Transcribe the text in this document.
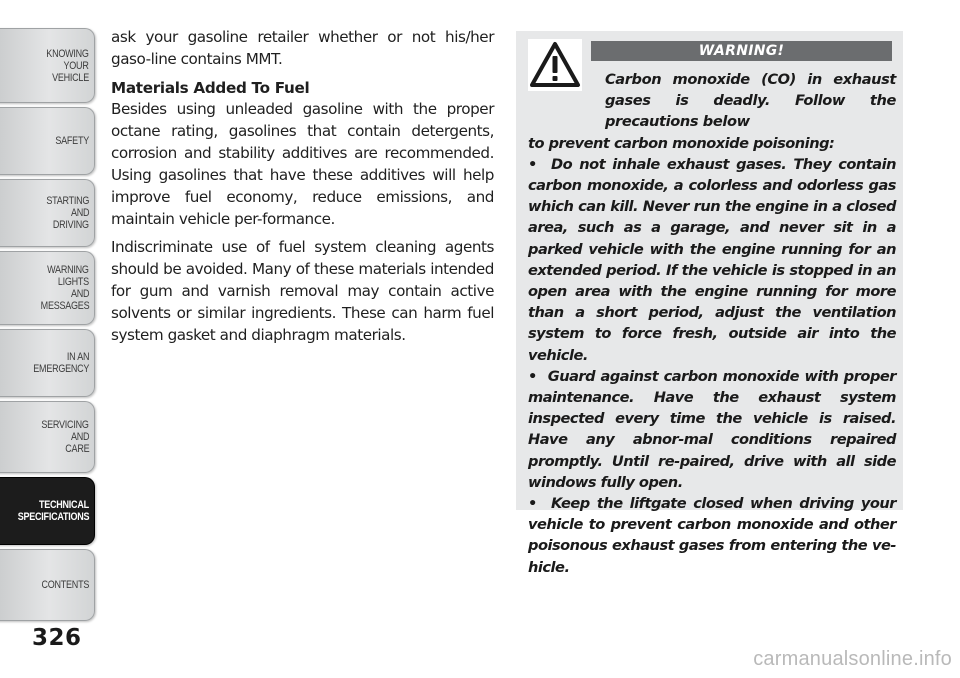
KNOWING
YOUR
VEHICLE
SAFETY
STARTING
AND
DRIVING
WARNING
LIGHTS
AND
MESSAGES
IN AN
EMERGENCY
SERVICING
AND
CARE
TECHNICAL
SPECIFICATIONS
CONTENTS
326

ask your gasoline retailer whether or not his/her gaso-line contains MMT.

Materials Added To Fuel

Besides using unleaded gasoline with the proper octane rating, gasolines that contain detergents, corrosion and stability additives are recommended. Using gasolines that have these additives will help improve fuel economy, reduce emissions, and maintain vehicle per-formance.

Indiscriminate use of fuel system cleaning agents should be avoided. Many of these materials intended for gum and varnish removal may contain active solvents or similar ingredients. These can harm fuel system gasket and diaphragm materials.

Carbon monoxide (CO) in exhaust gases is deadly. Follow the precautions below

to prevent carbon monoxide poisoning:

• Do not inhale exhaust gases. They contain carbon monoxide, a colorless and odorless gas which can kill. Never run the engine in a closed area, such as a garage, and never sit in a parked vehicle with the engine running for an extended period. If the vehicle is stopped in an open area with the engine running for more than a short period, adjust the ventilation system to force fresh, outside air into the vehicle.

• Guard against carbon monoxide with proper maintenance. Have the exhaust system inspected every time the vehicle is raised. Have any abnor-mal conditions repaired promptly. Until re-paired, drive with all side windows fully open.

• Keep the liftgate closed when driving your vehicle to prevent carbon monoxide and other poisonous exhaust gases from entering the ve-hicle.

WARNING!
carmanualsonline.info
